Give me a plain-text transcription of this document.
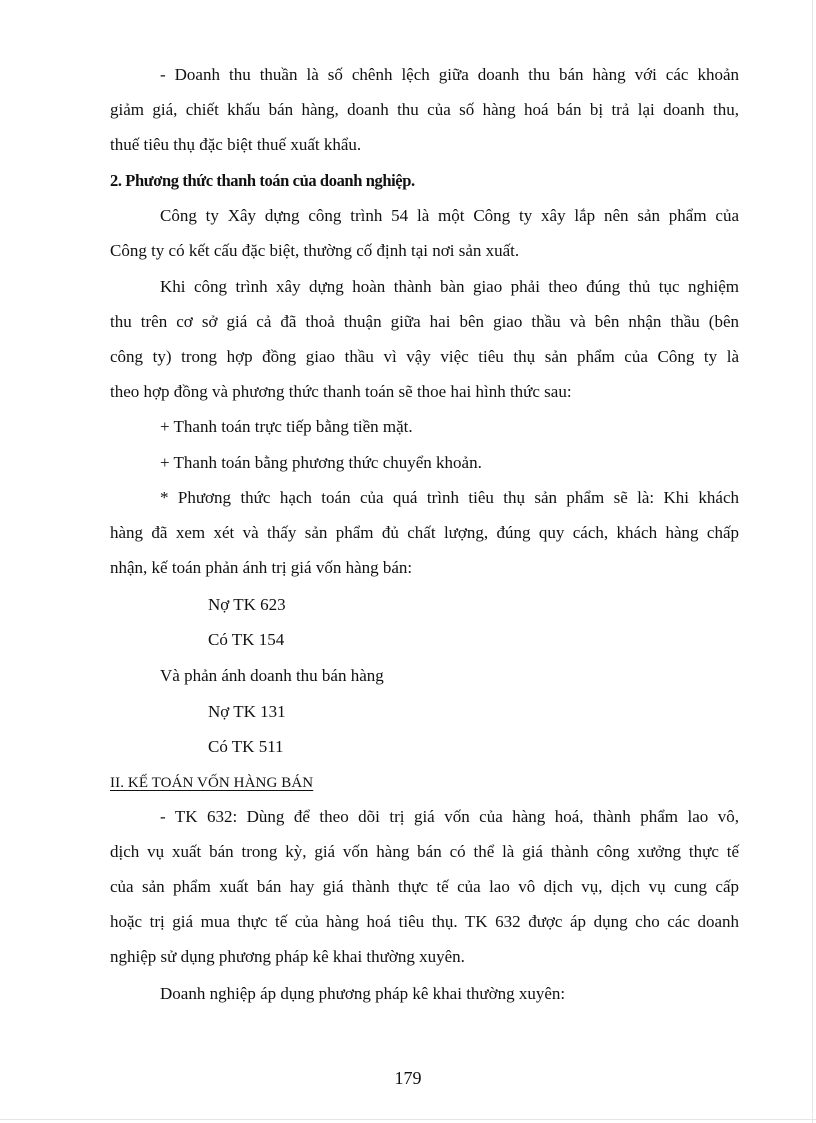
- Doanh thu thuần là số chênh lệch giữa doanh thu bán hàng với các khoản
giảm giá, chiết khấu bán hàng, doanh thu của số hàng hoá bán bị trả lại doanh thu,
thuế tiêu thụ đặc biệt thuế xuất khẩu.
2. Phương thức thanh toán của doanh nghiệp.
Công ty Xây dựng công trình 54 là một Công ty xây lắp nên sản phẩm của
Công ty có kết cấu đặc biệt, thường cố định tại nơi sản xuất.
Khi công trình xây dựng hoàn thành bàn giao phải theo đúng thủ tục nghiệm
thu trên cơ sở giá cả đã thoả thuận giữa hai bên giao thầu và bên nhận thầu (bên
công ty) trong hợp đồng giao thầu vì vậy việc tiêu thụ sản phẩm của Công ty là
theo hợp đồng và phương thức thanh toán sẽ thoe hai hình thức sau:
+ Thanh toán trực tiếp bằng tiền mặt.
+ Thanh toán bằng phương thức chuyển khoản.
* Phương thức hạch toán của quá trình tiêu thụ sản phẩm sẽ là: Khi khách
hàng đã xem xét và thấy sản phẩm đủ chất lượng, đúng quy cách, khách hàng chấp
nhận, kế toán phản ánh trị giá vốn hàng bán:
Nợ TK 623
Có TK 154
Và phản ánh doanh thu bán hàng
Nợ TK 131
Có TK 511
II. KẾ TOÁN VỐN HÀNG BÁN
- TK 632: Dùng để theo dõi trị giá vốn của hàng hoá, thành phẩm lao vô,
dịch vụ xuất bán trong kỳ, giá vốn hàng bán có thể là giá thành công xưởng thực tế
của sản phẩm xuất bán hay giá thành thực tế của lao vô dịch vụ, dịch vụ cung cấp
hoặc trị giá mua thực tế của hàng hoá tiêu thụ. TK 632 được áp dụng cho các doanh
nghiệp sử dụng phương pháp kê khai thường xuyên.
Doanh nghiệp áp dụng phương pháp kê khai thường xuyên:
179
